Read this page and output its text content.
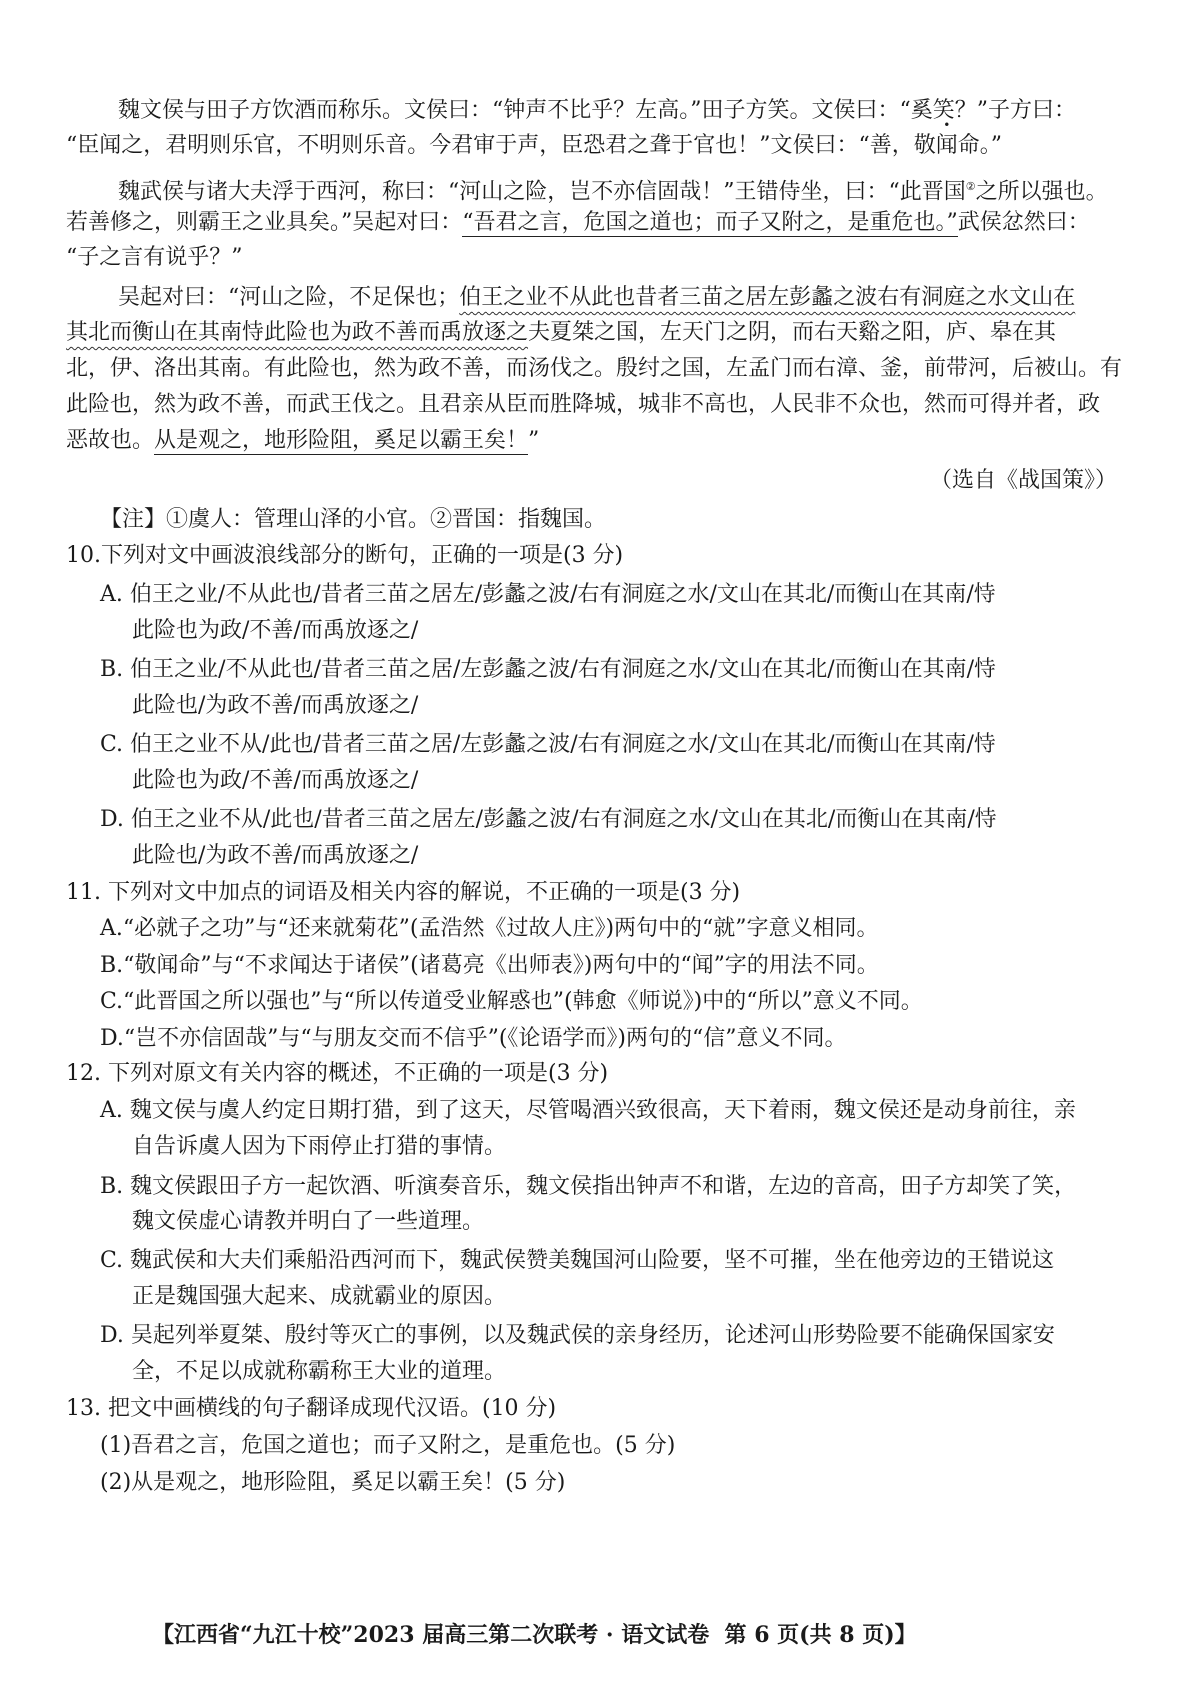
魏文侯与田子方饮酒而称乐。文侯曰：“钟声不比乎？左高。”田子方笑。文侯曰：“奚笑？”子方曰：
“臣闻之，君明则乐官，不明则乐音。今君审于声，臣恐君之聋于官也！”文侯曰：“善，敬闻命。”
魏武侯与诸大夫浮于西河，称曰：“河山之险，岂不亦信固哉！”王错侍坐，曰：“此晋国②之所以强也。
若善修之，则霸王之业具矣。”吴起对曰：“吾君之言，危国之道也；而子又附之，是重危也。”武侯忿然曰：
“子之言有说乎？”
吴起对曰：“河山之险，不足保也；伯王之业不从此也昔者三苗之居左彭蠡之波右有洞庭之水文山在
其北而衡山在其南恃此险也为政不善而禹放逐之夫夏桀之国，左天门之阴，而右天谿之阳，庐、皋在其
北，伊、洛出其南。有此险也，然为政不善，而汤伐之。殷纣之国，左孟门而右漳、釜，前带河，后被山。有
此险也，然为政不善，而武王伐之。且君亲从臣而胜降城，城非不高也，人民非不众也，然而可得并者，政
恶故也。从是观之，地形险阻，奚足以霸王矣！”
（选自《战国策》）
【注】①虞人：管理山泽的小官。②晋国：指魏国。
10.下列对文中画波浪线部分的断句，正确的一项是(3 分)
A. 伯王之业/不从此也/昔者三苗之居左/彭蠡之波/右有洞庭之水/文山在其北/而衡山在其南/恃
此险也为政/不善/而禹放逐之/
B. 伯王之业/不从此也/昔者三苗之居/左彭蠡之波/右有洞庭之水/文山在其北/而衡山在其南/恃
此险也/为政不善/而禹放逐之/
C. 伯王之业不从/此也/昔者三苗之居/左彭蠡之波/右有洞庭之水/文山在其北/而衡山在其南/恃
此险也为政/不善/而禹放逐之/
D. 伯王之业不从/此也/昔者三苗之居左/彭蠡之波/右有洞庭之水/文山在其北/而衡山在其南/恃
此险也/为政不善/而禹放逐之/
11. 下列对文中加点的词语及相关内容的解说，不正确的一项是(3 分)
A.“必就子之功”与“还来就菊花”(孟浩然《过故人庄》)两句中的“就”字意义相同。
B.“敬闻命”与“不求闻达于诸侯”(诸葛亮《出师表》)两句中的“闻”字的用法不同。
C.“此晋国之所以强也”与“所以传道受业解惑也”(韩愈《师说》)中的“所以”意义不同。
D.“岂不亦信固哉”与“与朋友交而不信乎”(《论语学而》)两句的“信”意义不同。
12. 下列对原文有关内容的概述，不正确的一项是(3 分)
A. 魏文侯与虞人约定日期打猎，到了这天，尽管喝酒兴致很高，天下着雨，魏文侯还是动身前往，亲
自告诉虞人因为下雨停止打猎的事情。
B. 魏文侯跟田子方一起饮酒、听演奏音乐，魏文侯指出钟声不和谐，左边的音高，田子方却笑了笑，
魏文侯虚心请教并明白了一些道理。
C. 魏武侯和大夫们乘船沿西河而下，魏武侯赞美魏国河山险要，坚不可摧，坐在他旁边的王错说这
正是魏国强大起来、成就霸业的原因。
D. 吴起列举夏桀、殷纣等灭亡的事例，以及魏武侯的亲身经历，论述河山形势险要不能确保国家安
全，不足以成就称霸称王大业的道理。
13. 把文中画横线的句子翻译成现代汉语。(10 分)
(1)吾君之言，危国之道也；而子又附之，是重危也。(5 分)
(2)从是观之，地形险阻，奚足以霸王矣！(5 分)
【江西省“九江十校”2023 届高三第二次联考 · 语文试卷 第 6 页(共 8 页)】
